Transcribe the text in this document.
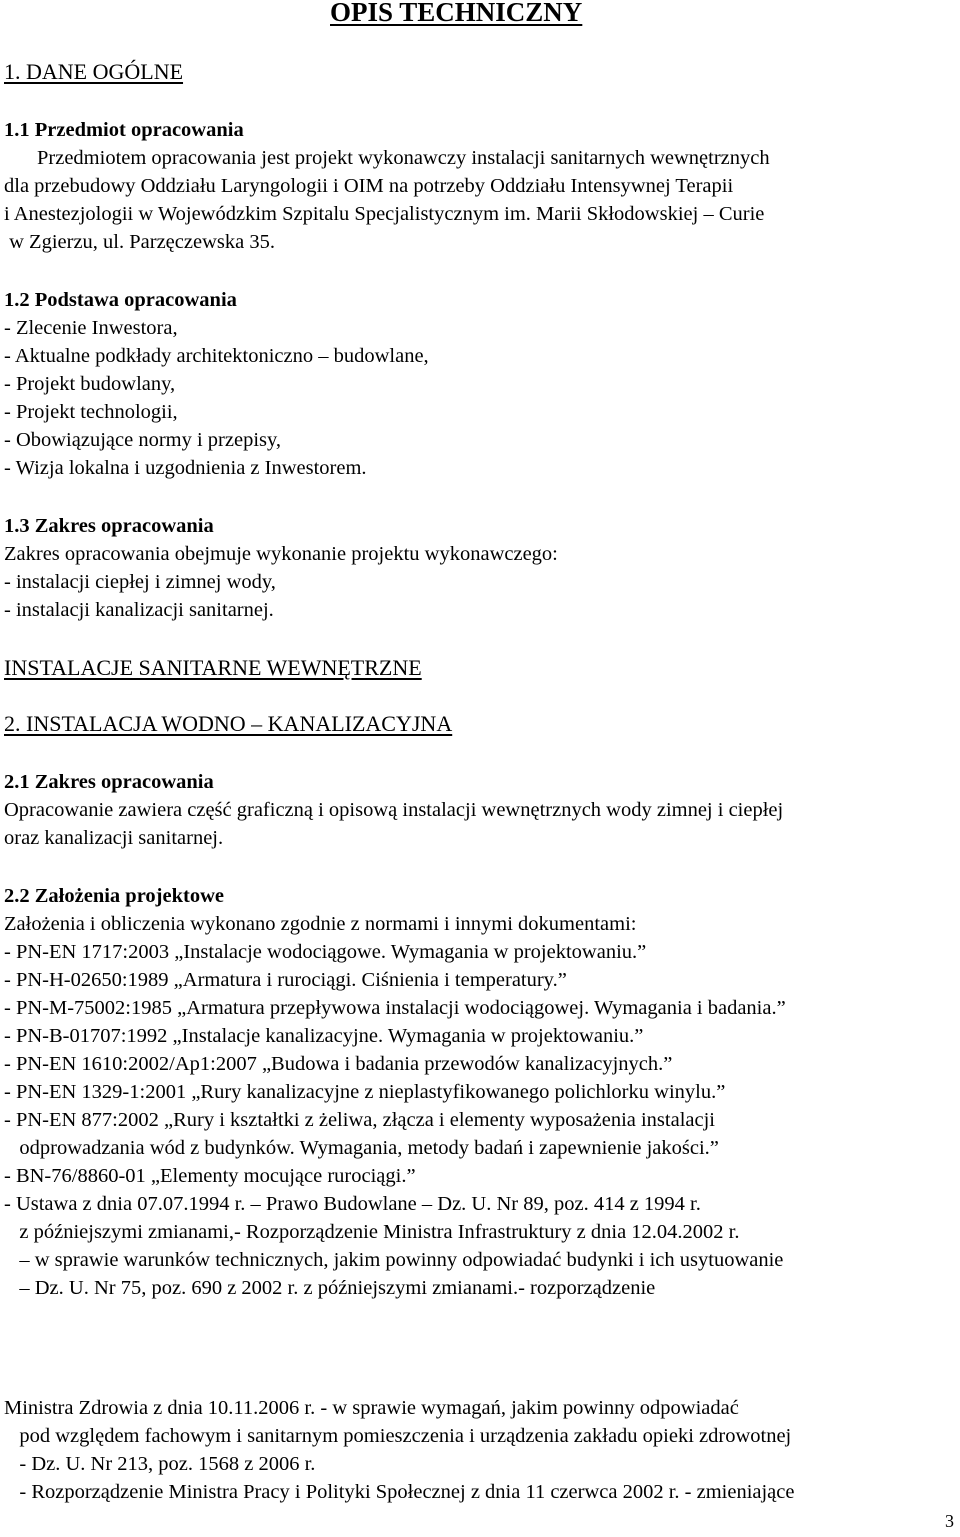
OPIS TECHNICZNY
1. DANE OGÓLNE
1.1 Przedmiot opracowania
Przedmiotem opracowania jest projekt wykonawczy instalacji sanitarnych wewnętrznych
dla przebudowy Oddziału Laryngologii i OIM na potrzeby Oddziału Intensywnej Terapii
i Anestezjologii w Wojewódzkim Szpitalu Specjalistycznym im. Marii Skłodowskiej – Curie
w Zgierzu, ul. Parzęczewska 35.
1.2 Podstawa opracowania
- Zlecenie Inwestora,
- Aktualne podkłady architektoniczno – budowlane,
- Projekt budowlany,
- Projekt technologii,
- Obowiązujące normy i przepisy,
- Wizja lokalna i uzgodnienia z Inwestorem.
1.3 Zakres opracowania
Zakres opracowania obejmuje wykonanie projektu wykonawczego:
- instalacji ciepłej i zimnej wody,
- instalacji kanalizacji sanitarnej.
INSTALACJE SANITARNE WEWNĘTRZNE
2. INSTALACJA WODNO – KANALIZACYJNA
2.1 Zakres opracowania
Opracowanie zawiera część graficzną i opisową instalacji wewnętrznych wody zimnej i ciepłej
oraz kanalizacji sanitarnej.
2.2 Założenia projektowe
Założenia i obliczenia wykonano zgodnie z normami i innymi dokumentami:
- PN-EN 1717:2003 „Instalacje wodociągowe. Wymagania w projektowaniu.”
- PN-H-02650:1989 „Armatura i rurociągi. Ciśnienia i temperatury.”
- PN-M-75002:1985 „Armatura przepływowa instalacji wodociągowej. Wymagania i badania.”
- PN-B-01707:1992 „Instalacje kanalizacyjne. Wymagania w projektowaniu.”
- PN-EN 1610:2002/Ap1:2007 „Budowa i badania przewodów kanalizacyjnych.”
- PN-EN 1329-1:2001 „Rury kanalizacyjne z nieplastyfikowanego polichlorku winylu.”
- PN-EN 877:2002 „Rury i kształtki z żeliwa, złącza i elementy wyposażenia instalacji
odprowadzania wód z budynków. Wymagania, metody badań i zapewnienie jakości.”
- BN-76/8860-01 „Elementy mocujące rurociągi.”
- Ustawa z dnia 07.07.1994 r. – Prawo Budowlane – Dz. U. Nr 89, poz. 414 z 1994 r.
z późniejszymi zmianami,- Rozporządzenie Ministra Infrastruktury z dnia 12.04.2002 r.
– w sprawie warunków technicznych, jakim powinny odpowiadać budynki i ich usytuowanie
– Dz. U. Nr 75, poz. 690 z 2002 r. z późniejszymi zmianami.- rozporządzenie
Ministra Zdrowia z dnia 10.11.2006 r. - w sprawie wymagań, jakim powinny odpowiadać
pod względem fachowym i sanitarnym pomieszczenia i urządzenia zakładu opieki zdrowotnej
- Dz. U. Nr 213, poz. 1568 z 2006 r.
- Rozporządzenie Ministra Pracy i Polityki Społecznej z dnia 11 czerwca 2002 r. - zmieniające
3
